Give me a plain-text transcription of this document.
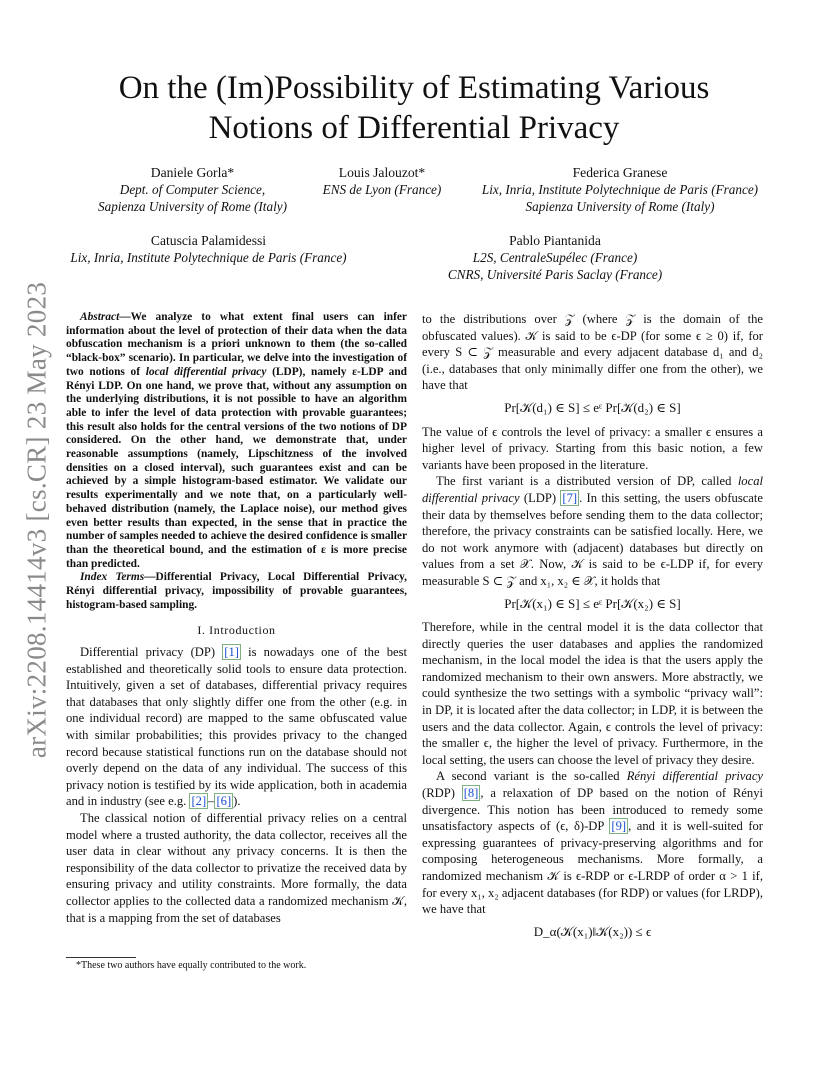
arXiv:2208.14414v3 [cs.CR] 23 May 2023
On the (Im)Possibility of Estimating Various
Notions of Differential Privacy
Daniele Gorla*
Dept. of Computer Science,
Sapienza University of Rome (Italy)
Louis Jalouzot*
ENS de Lyon (France)
Federica Granese
Lix, Inria, Institute Polytechnique de Paris (France)
Sapienza University of Rome (Italy)
Catuscia Palamidessi
Lix, Inria, Institute Polytechnique de Paris (France)
Pablo Piantanida
L2S, CentraleSupélec (France)
CNRS, Université Paris Saclay (France)

Abstract—We analyze to what extent final users can infer information about the level of protection of their data when the data obfuscation mechanism is a priori unknown to them (the so-called “black-box” scenario). In particular, we delve into the investigation of two notions of local differential privacy (LDP), namely ε-LDP and Rényi LDP. On one hand, we prove that, without any assumption on the underlying distributions, it is not possible to have an algorithm able to infer the level of data protection with provable guarantees; this result also holds for the central versions of the two notions of DP considered. On the other hand, we demonstrate that, under reasonable assumptions (namely, Lipschitzness of the involved densities on a closed interval), such guarantees exist and can be achieved by a simple histogram-based estimator. We validate our results experimentally and we note that, on a particularly well-behaved distribution (namely, the Laplace noise), our method gives even better results than expected, in the sense that in practice the number of samples needed to achieve the desired confidence is smaller than the theoretical bound, and the estimation of ε is more precise than predicted.

Index Terms—Differential Privacy, Local Differential Privacy, Rényi differential privacy, impossibility of provable guarantees, histogram-based sampling.

I. Introduction

Differential privacy (DP) [1] is nowadays one of the best established and theoretically solid tools to ensure data protection. Intuitively, given a set of databases, differential privacy requires that databases that only slightly differ one from the other (e.g. in one individual record) are mapped to the same obfuscated value with similar probabilities; this provides privacy to the changed record because statistical functions run on the database should not overly depend on the data of any individual. The success of this privacy notion is testified by its wide application, both in academia and in industry (see e.g. [2] – [6] ).

The classical notion of differential privacy relies on a central model where a trusted authority, the data collector, receives all the user data in clear without any privacy concerns. It is then the responsibility of the data collector to privatize the received data by ensuring privacy and utility constraints. More formally, the data collector applies to the collected data a randomized mechanism 𝒦, that is a mapping from the set of databases

*These two authors have equally contributed to the work.

to the distributions over 𝒵 (where 𝒵 is the domain of the obfuscated values). 𝒦 is said to be ϵ-DP (for some ϵ ≥ 0) if, for every S ⊂ 𝒵 measurable and every adjacent database d₁ and d₂ (i.e., databases that only minimally differ one from the other), we have that

Pr[𝒦(d₁) ∈ S] ≤ eᵋ Pr[𝒦(d₂) ∈ S]

The value of ϵ controls the level of privacy: a smaller ϵ ensures a higher level of privacy. Starting from this basic notion, a few variants have been proposed in the literature.

The first variant is a distributed version of DP, called local differential privacy (LDP) [7] . In this setting, the users obfuscate their data by themselves before sending them to the data collector; therefore, the privacy constraints can be satisfied locally. Here, we do not work anymore with (adjacent) databases but directly on values from a set 𝒳. Now, 𝒦 is said to be ϵ-LDP if, for every measurable S ⊂ 𝒵 and x₁, x₂ ∈ 𝒳, it holds that

Pr[𝒦(x₁) ∈ S] ≤ eᵋ Pr[𝒦(x₂) ∈ S]

Therefore, while in the central model it is the data collector that directly queries the user databases and applies the randomized mechanism, in the local model the idea is that the users apply the randomized mechanism to their own answers. More abstractly, we could synthesize the two settings with a symbolic “privacy wall”: in DP, it is located after the data collector; in LDP, it is between the users and the data collector. Again, ϵ controls the level of privacy: the smaller ϵ, the higher the level of privacy. Furthermore, in the local setting, the users can choose the level of privacy they desire.

A second variant is the so-called Rényi differential privacy (RDP) [8] , a relaxation of DP based on the notion of Rényi divergence. This notion has been introduced to remedy some unsatisfactory aspects of (ϵ, δ)-DP [9] , and it is well-suited for expressing guarantees of privacy-preserving algorithms and for composing heterogeneous mechanisms. More formally, a randomized mechanism 𝒦 is ϵ-RDP or ϵ-LRDP of order α > 1 if, for every x₁, x₂ adjacent databases (for RDP) or values (for LRDP), we have that

D_α(𝒦(x₁)‖𝒦(x₂)) ≤ ϵ
